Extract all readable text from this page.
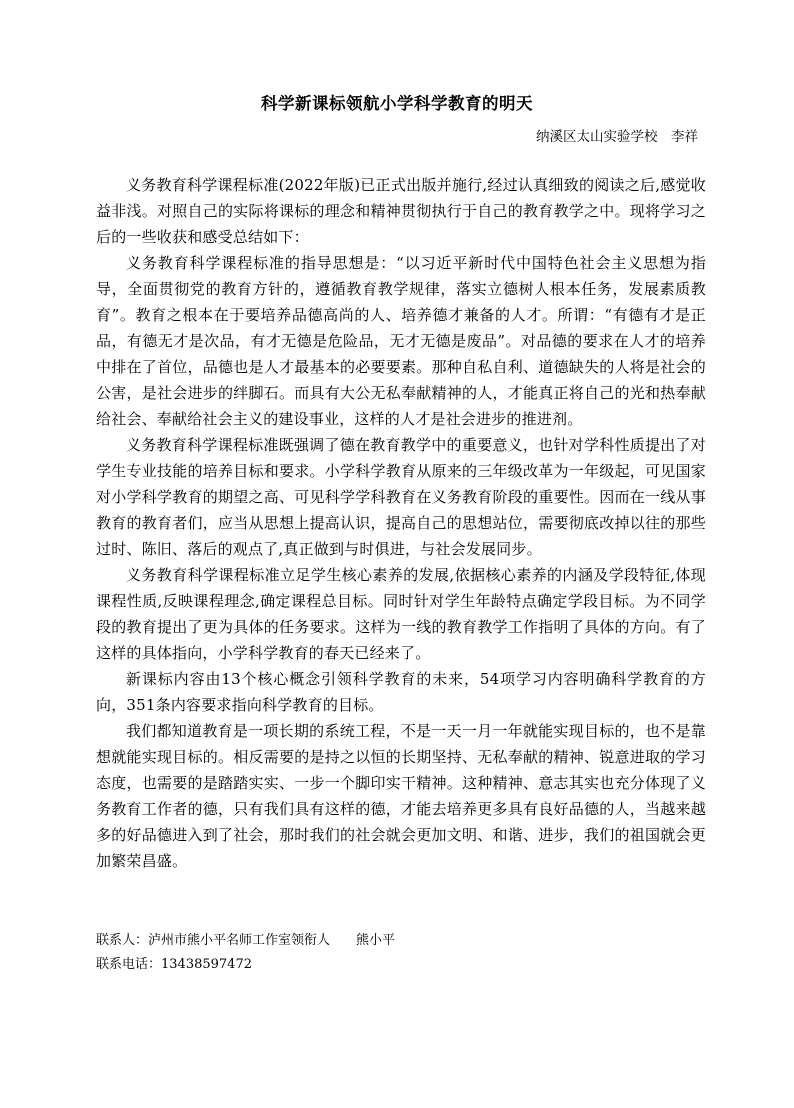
科学新课标领航小学科学教育的明天

纳溪区太山实验学校　李祥

义务教育科学课程标准(2022年版)已正式出版并施行,经过认真细致的阅读之后,感觉收益非浅。对照自己的实际将课标的理念和精神贯彻执行于自己的教育教学之中。现将学习之后的一些收获和感受总结如下：

义务教育科学课程标准的指导思想是：“以习近平新时代中国特色社会主义思想为指导，全面贯彻党的教育方针的，遵循教育教学规律，落实立德树人根本任务，发展素质教育”。教育之根本在于要培养品德高尚的人、培养德才兼备的人才。所谓：“有德有才是正品，有德无才是次品，有才无德是危险品，无才无德是废品”。对品德的要求在人才的培养中排在了首位，品德也是人才最基本的必要要素。那种自私自利、道德缺失的人将是社会的公害，是社会进步的绊脚石。而具有大公无私奉献精神的人，才能真正将自己的光和热奉献给社会、奉献给社会主义的建设事业，这样的人才是社会进步的推进剂。

义务教育科学课程标准既强调了德在教育教学中的重要意义，也针对学科性质提出了对学生专业技能的培养目标和要求。小学科学教育从原来的三年级改革为一年级起，可见国家对小学科学教育的期望之高、可见科学学科教育在义务教育阶段的重要性。因而在一线从事教育的教育者们，应当从思想上提高认识，提高自己的思想站位，需要彻底改掉以往的那些过时、陈旧、落后的观点了,真正做到与时俱进，与社会发展同步。

义务教育科学课程标准立足学生核心素养的发展,依据核心素养的内涵及学段特征,体现课程性质,反映课程理念,确定课程总目标。同时针对学生年龄特点确定学段目标。为不同学段的教育提出了更为具体的任务要求。这样为一线的教育教学工作指明了具体的方向。有了这样的具体指向，小学科学教育的春天已经来了。

新课标内容由13个核心概念引领科学教育的未来，54项学习内容明确科学教育的方向，351条内容要求指向科学教育的目标。

我们都知道教育是一项长期的系统工程，不是一天一月一年就能实现目标的，也不是靠想就能实现目标的。相反需要的是持之以恒的长期坚持、无私奉献的精神、锐意进取的学习态度，也需要的是踏踏实实、一步一个脚印实干精神。这种精神、意志其实也充分体现了义务教育工作者的德，只有我们具有这样的德，才能去培养更多具有良好品德的人，当越来越多的好品德进入到了社会，那时我们的社会就会更加文明、和谐、进步，我们的祖国就会更加繁荣昌盛。

联系人：泸州市熊小平名师工作室领衔人　　熊小平
联系电话：13438597472
